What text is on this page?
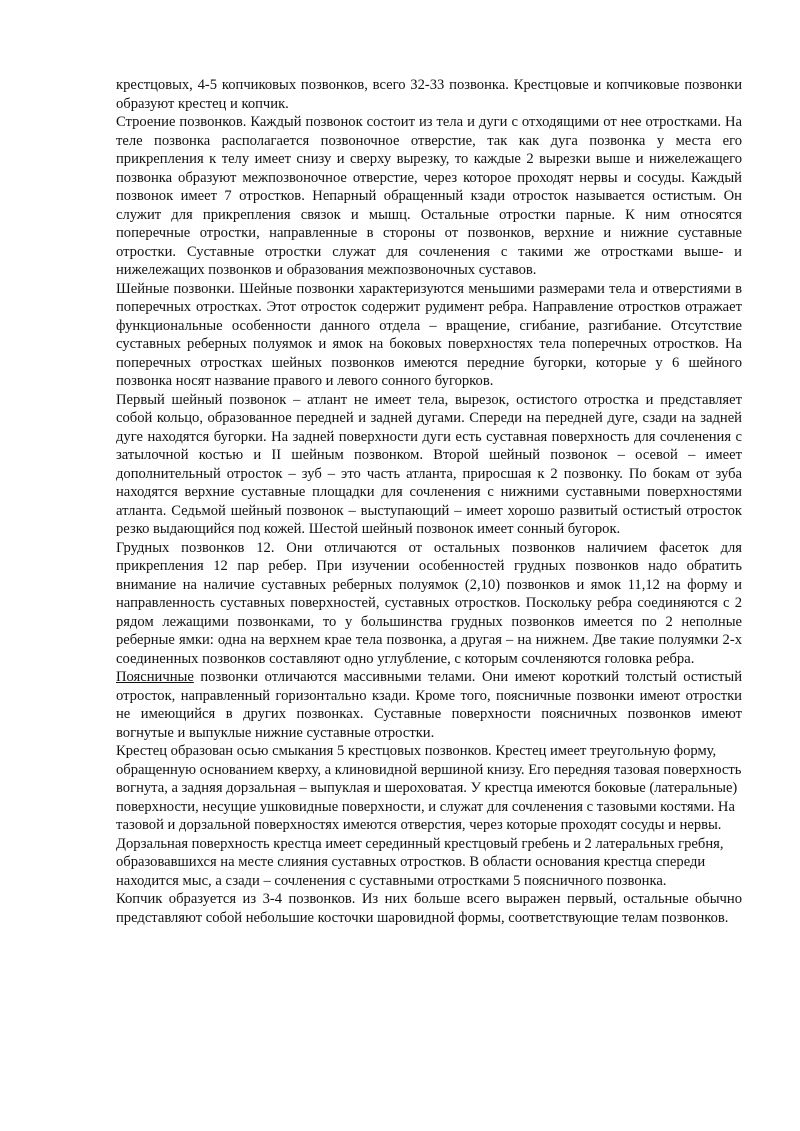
крестцовых, 4-5 копчиковых позвонков, всего 32-33 позвонка. Крестцовые и копчиковые позвонки образуют крестец и копчик.

Строение позвонков. Каждый позвонок состоит из тела и дуги с отходящими от нее отростками. На теле позвонка располагается позвоночное отверстие, так как дуга позвонка у места его прикрепления к телу имеет снизу и сверху вырезку, то каждые 2 вырезки выше и нижележащего позвонка образуют межпозвоночное отверстие, через которое проходят нервы и сосуды. Каждый позвонок имеет 7 отростков. Непарный обращенный кзади отросток называется остистым. Он служит для прикрепления связок и мышц. Остальные отростки парные. К ним относятся поперечные отростки, направленные в стороны от позвонков, верхние и нижние суставные отростки. Суставные отростки служат для сочленения с такими же отростками выше- и нижележащих позвонков и образования межпозвоночных суставов.

Шейные позвонки. Шейные позвонки характеризуются меньшими размерами тела и отверстиями в поперечных отростках. Этот отросток содержит рудимент ребра. Направление отростков отражает функциональные особенности данного отдела – вращение, сгибание, разгибание. Отсутствие суставных реберных полуямок и ямок на боковых поверхностях тела поперечных отростков. На поперечных отростках шейных позвонков имеются передние бугорки, которые у 6 шейного позвонка носят название правого и левого сонного бугорков.

Первый шейный позвонок – атлант не имеет тела, вырезок, остистого отростка и представляет собой кольцо, образованное передней и задней дугами. Спереди на передней дуге, сзади на задней дуге находятся бугорки. На задней поверхности дуги есть суставная поверхность для сочленения с затылочной костью и II шейным позвонком. Второй шейный позвонок – осевой – имеет дополнительный отросток – зуб – это часть атланта, приросшая к 2 позвонку. По бокам от зуба находятся верхние суставные площадки для сочленения с нижними суставными поверхностями атланта. Седьмой шейный позвонок – выступающий – имеет хорошо развитый остистый отросток резко выдающийся под кожей. Шестой шейный позвонок имеет сонный бугорок.

Грудных позвонков 12. Они отличаются от остальных позвонков наличием фасеток для прикрепления 12 пар ребер. При изучении особенностей грудных позвонков надо обратить внимание на наличие суставных реберных полуямок (2,10) позвонков и ямок 11,12 на форму и направленность суставных поверхностей, суставных отростков. Поскольку ребра соединяются с 2 рядом лежащими позвонками, то у большинства грудных позвонков имеется по 2 неполные реберные ямки: одна на верхнем крае тела позвонка, а другая – на нижнем. Две такие полуямки 2-х соединенных позвонков составляют одно углубление, с которым сочленяются головка ребра.

Поясничные позвонки отличаются массивными телами. Они имеют короткий толстый остистый отросток, направленный горизонтально кзади. Кроме того, поясничные позвонки имеют отростки не имеющийся в других позвонках. Суставные поверхности поясничных позвонков имеют вогнутые и выпуклые нижние суставные отростки.

Крестец образован осью смыкания 5 крестцовых позвонков. Крестец имеет треугольную форму, обращенную основанием кверху, а клиновидной вершиной книзу. Его передняя тазовая поверхность вогнута, а задняя дорзальная – выпуклая и шероховатая. У крестца имеются боковые (латеральные) поверхности, несущие ушковидные поверхности, и служат для сочленения с тазовыми костями. На тазовой и дорзальной поверхностях имеются отверстия, через которые проходят сосуды и нервы. Дорзальная поверхность крестца имеет серединный крестцовый гребень и 2 латеральных гребня, образовавшихся на месте слияния суставных отростков. В области основания крестца спереди находится мыс, а сзади – сочленения с суставными отростками 5 поясничного позвонка.

Копчик образуется из 3-4 позвонков. Из них больше всего выражен первый, остальные обычно представляют собой небольшие косточки шаровидной формы, соответствующие телам позвонков.
